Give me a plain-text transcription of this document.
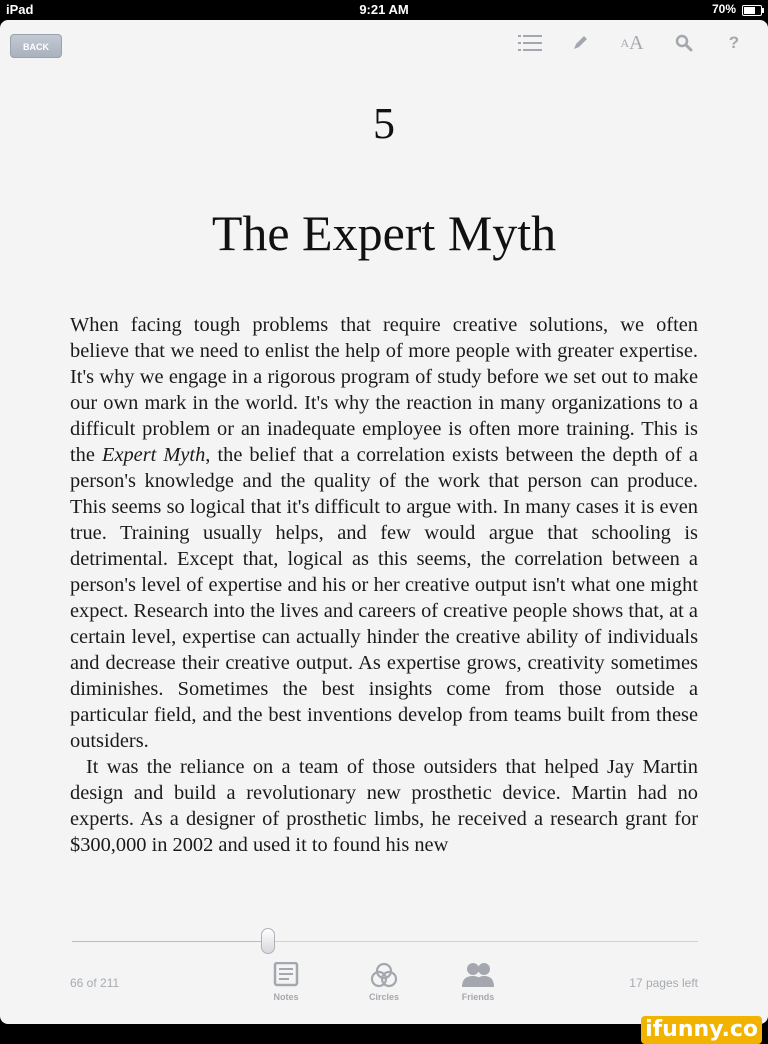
iPad	9:21 AM	70%
BACK	A A	?
5
The Expert Myth

When facing tough problems that require creative solutions, we often believe that we need to enlist the help of more people with greater expertise. It's why we engage in a rigorous program of study before we set out to make our own mark in the world. It's why the reaction in many organizations to a difficult problem or an inadequate employee is often more training. This is the Expert Myth, the belief that a correlation exists between the depth of a person's knowledge and the quality of the work that person can produce. This seems so logical that it's difficult to argue with. In many cases it is even true. Training usually helps, and few would argue that schooling is detrimental. Except that, logical as this seems, the correlation between a person's level of expertise and his or her creative output isn't what one might expect. Research into the lives and careers of creative people shows that, at a certain level, expertise can actually hinder the creative ability of individuals and decrease their creative output. As expertise grows, creativity sometimes diminishes. Sometimes the best insights come from those outside a particular field, and the best inventions develop from teams built from these outsiders.

It was the reliance on a team of those outsiders that helped Jay Martin design and build a revolutionary new prosthetic device. Martin had no experts. As a designer of prosthetic limbs, he received a research grant for $300,000 in 2002 and used it to found his new

66 of 211	17 pages left
Notes	Circles	Friends
ifunny.co
